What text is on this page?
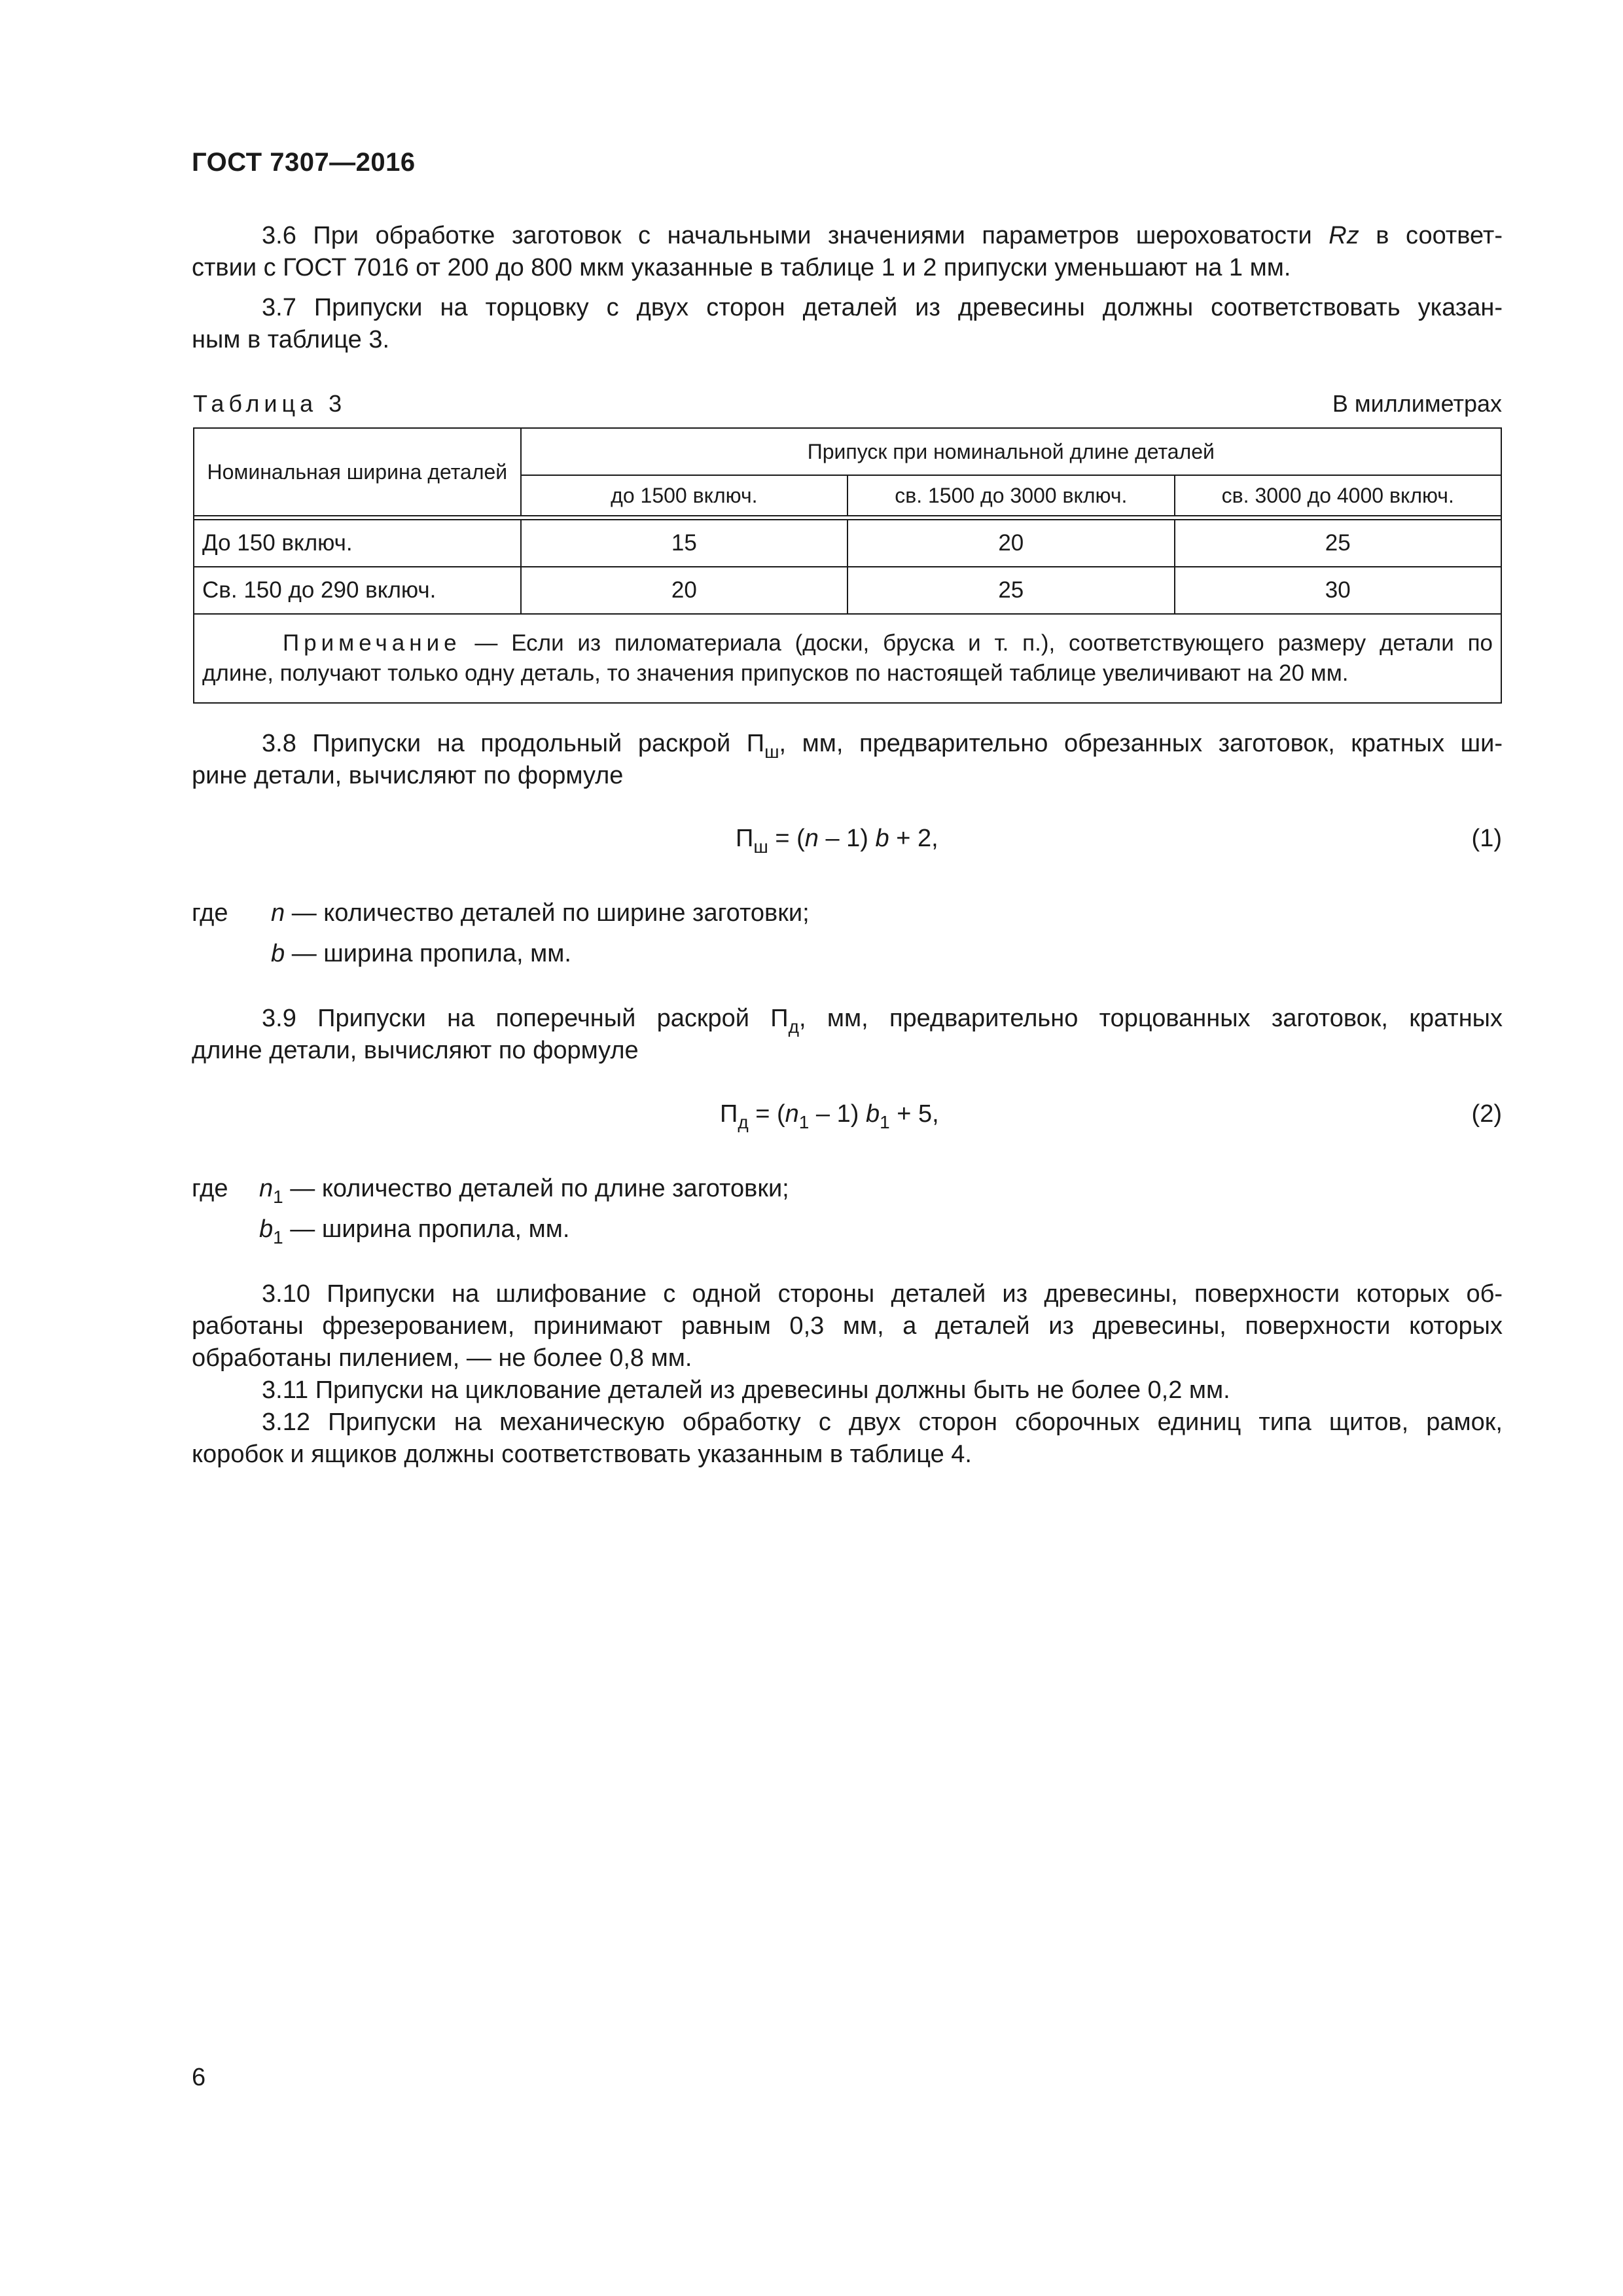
ГОСТ 7307—2016
3.6 При обработке заготовок с начальными значениями параметров шероховатости Rz в соответ-
ствии с ГОСТ 7016 от 200 до 800 мкм указанные в таблице 1 и 2 припуски уменьшают на 1 мм.
3.7 Припуски на торцовку с двух сторон деталей из древесины должны соответствовать указан-
ным в таблице 3.
Таблица 3	В миллиметрах
Номинальная ширина деталей	Припуск при номинальной длине деталей		
	до 1500 включ.	св. 1500 до 3000 включ.	св. 3000 до 4000 включ.

До 150 включ.	15	20	25
Св. 150 до 290 включ.	20	25	30

Примечание — Если из пиломатериала (доски, бруска и т. п.), соответствующего размеру детали по
длине, получают только одну деталь, то значения припусков по настоящей таблице увеличивают на 20 мм.			
3.8 Припуски на продольный раскрой $П_ш$, мм, предварительно обрезанных заготовок, кратных ши-
рине детали, вычисляют по формуле
$П_ш = (n - 1) b + 2$,	(1)
где n — количество деталей по ширине заготовки;
b — ширина пропила, мм.
3.9 Припуски на поперечный раскрой $П_д$, мм, предварительно торцованных заготовок, кратных
длине детали, вычисляют по формуле
$П_д = (n_1 - 1) b_1 + 5$,	(2)
где $n_1$ — количество деталей по длине заготовки;
$b_1$ — ширина пропила, мм.
3.10 Припуски на шлифование с одной стороны деталей из древесины, поверхности которых об-
работаны фрезерованием, принимают равным 0,3 мм, а деталей из древесины, поверхности которых
обработаны пилением, — не более 0,8 мм.
3.11 Припуски на циклование деталей из древесины должны быть не более 0,2 мм.
3.12 Припуски на механическую обработку с двух сторон сборочных единиц типа щитов, рамок,
коробок и ящиков должны соответствовать указанным в таблице 4.
6
